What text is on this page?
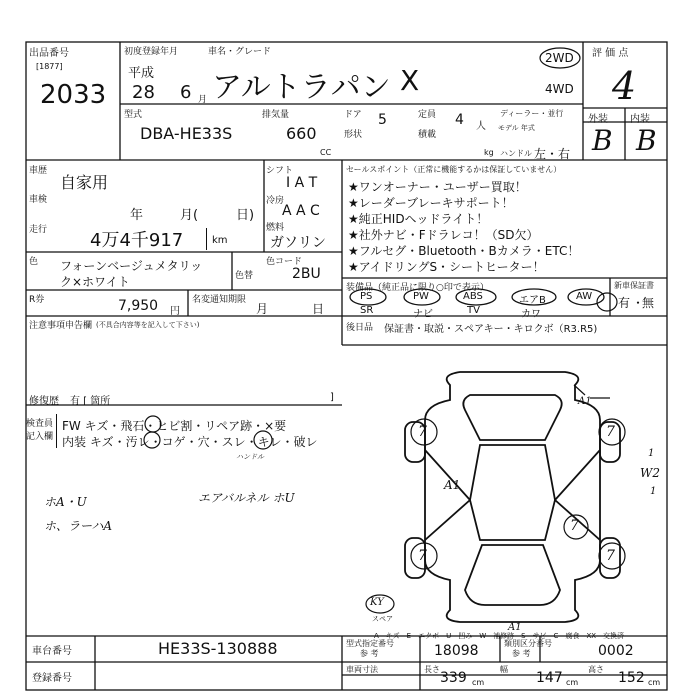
出品番号
[1877]
2033
初度登録年月	車名・グレード
平成
28 6 月 アルトラパン X
2WD
4WD
評 価 点
4
外装 内装
B B
型式
DBA-HE33S
排気量
660
CC
ドア 5
形状
定員 4 人
積載
kg
ディーラー・並行
モデル 年式
ハンドル 左・右
車歴
自家用
車検
年	月(	日)
走行 4万4千917	km
シフト
I A T
冷房
A A C
燃料
ガソリン
色 フォーンベージュメタリッ
ク×ホワイト	色替
色コード
2BU
R券	7,950 円
名変通知期限
月	日
セールスポイント（正常に機能するかは保証していません）
★ワンオーナー・ユーザー買取！
★レーダーブレーキサポート！
★純正HIDヘッドライト！
★社外ナビ・Fドラレコ！（SD欠）
★フルセグ・Bluetooth・Bカメラ・ETC！
★アイドリングS・シートヒーター！
装備品（純正品に限り○印で表示）	新車保証書
PS
SR
PW
ナビ
ABS
TV
エアB
カワ
AW 有 無
・
後日品 保証書・取説・スペアキー・キロクボ（R3.R5)
注意事項申告欄 (不具合内容等を記入して下さい)
修復歴 有 [ 箇所	]
検査員記入欄
FW キズ・飛石・ヒビ割・リペア跡・×要
内装 キズ・汚レ・コゲ・穴・スレ・キレ・破レ
ハンドル
ホA・U	エアバルネル ホU
ホ、ラーハA
A1
7	7
7	7
7
A1
1
W2
1
A1
KY
スペア
A－キズ　E－エクボ　U－凹み　W－補修跡　S－サビ　C－腐食　XX－交換済
車台番号	HE33S-130888
登録番号
型式指定番号
参 考	18098	類別区分番号
参 考	0002
車両寸法	長さ
339 cm
幅
147 cm
高さ
152 cm
